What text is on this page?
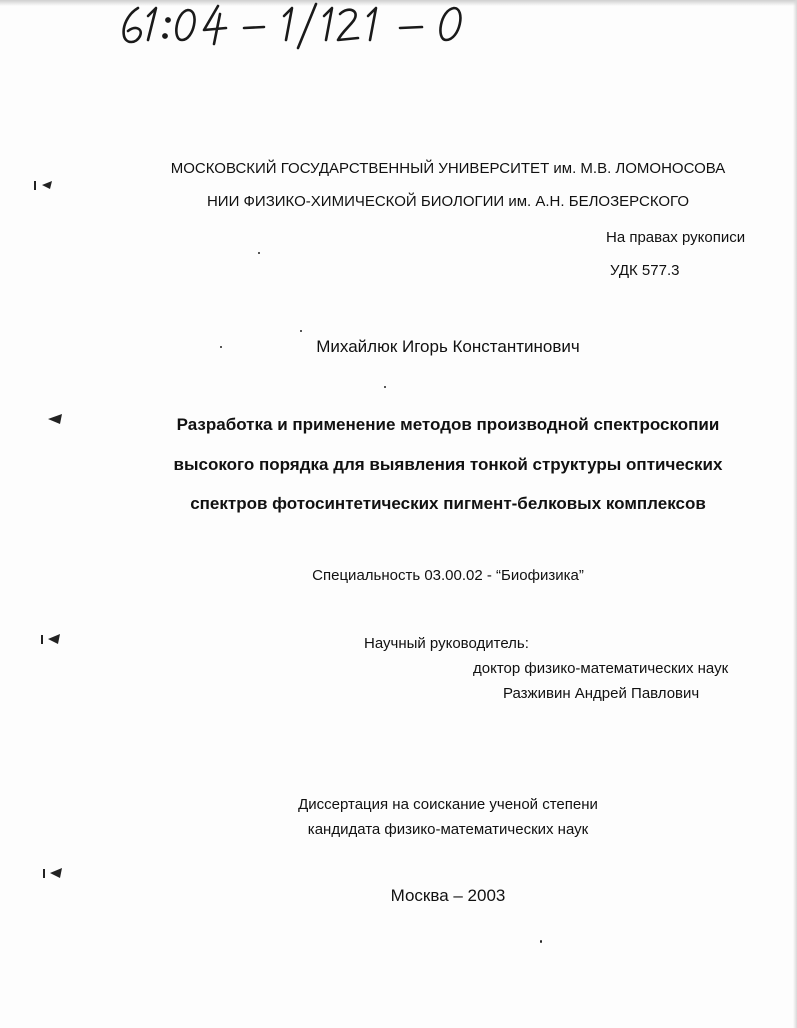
МОСКОВСКИЙ ГОСУДАРСТВЕННЫЙ УНИВЕРСИТЕТ им. М.В. ЛОМОНОСОВА
НИИ ФИЗИКО-ХИМИЧЕСКОЙ БИОЛОГИИ им. А.Н. БЕЛОЗЕРСКОГО
На правах рукописи
УДК 577.3
Михайлюк Игорь Константинович
Разработка и применение методов производной спектроскопии
высокого порядка для выявления тонкой структуры оптических
спектров фотосинтетических пигмент-белковых комплексов
Специальность 03.00.02 - “Биофизика”
Научный руководитель:
доктор физико-математических наук
Разживин Андрей Павлович
Диссертация на соискание ученой степени
кандидата физико-математических наук
Москва – 2003
